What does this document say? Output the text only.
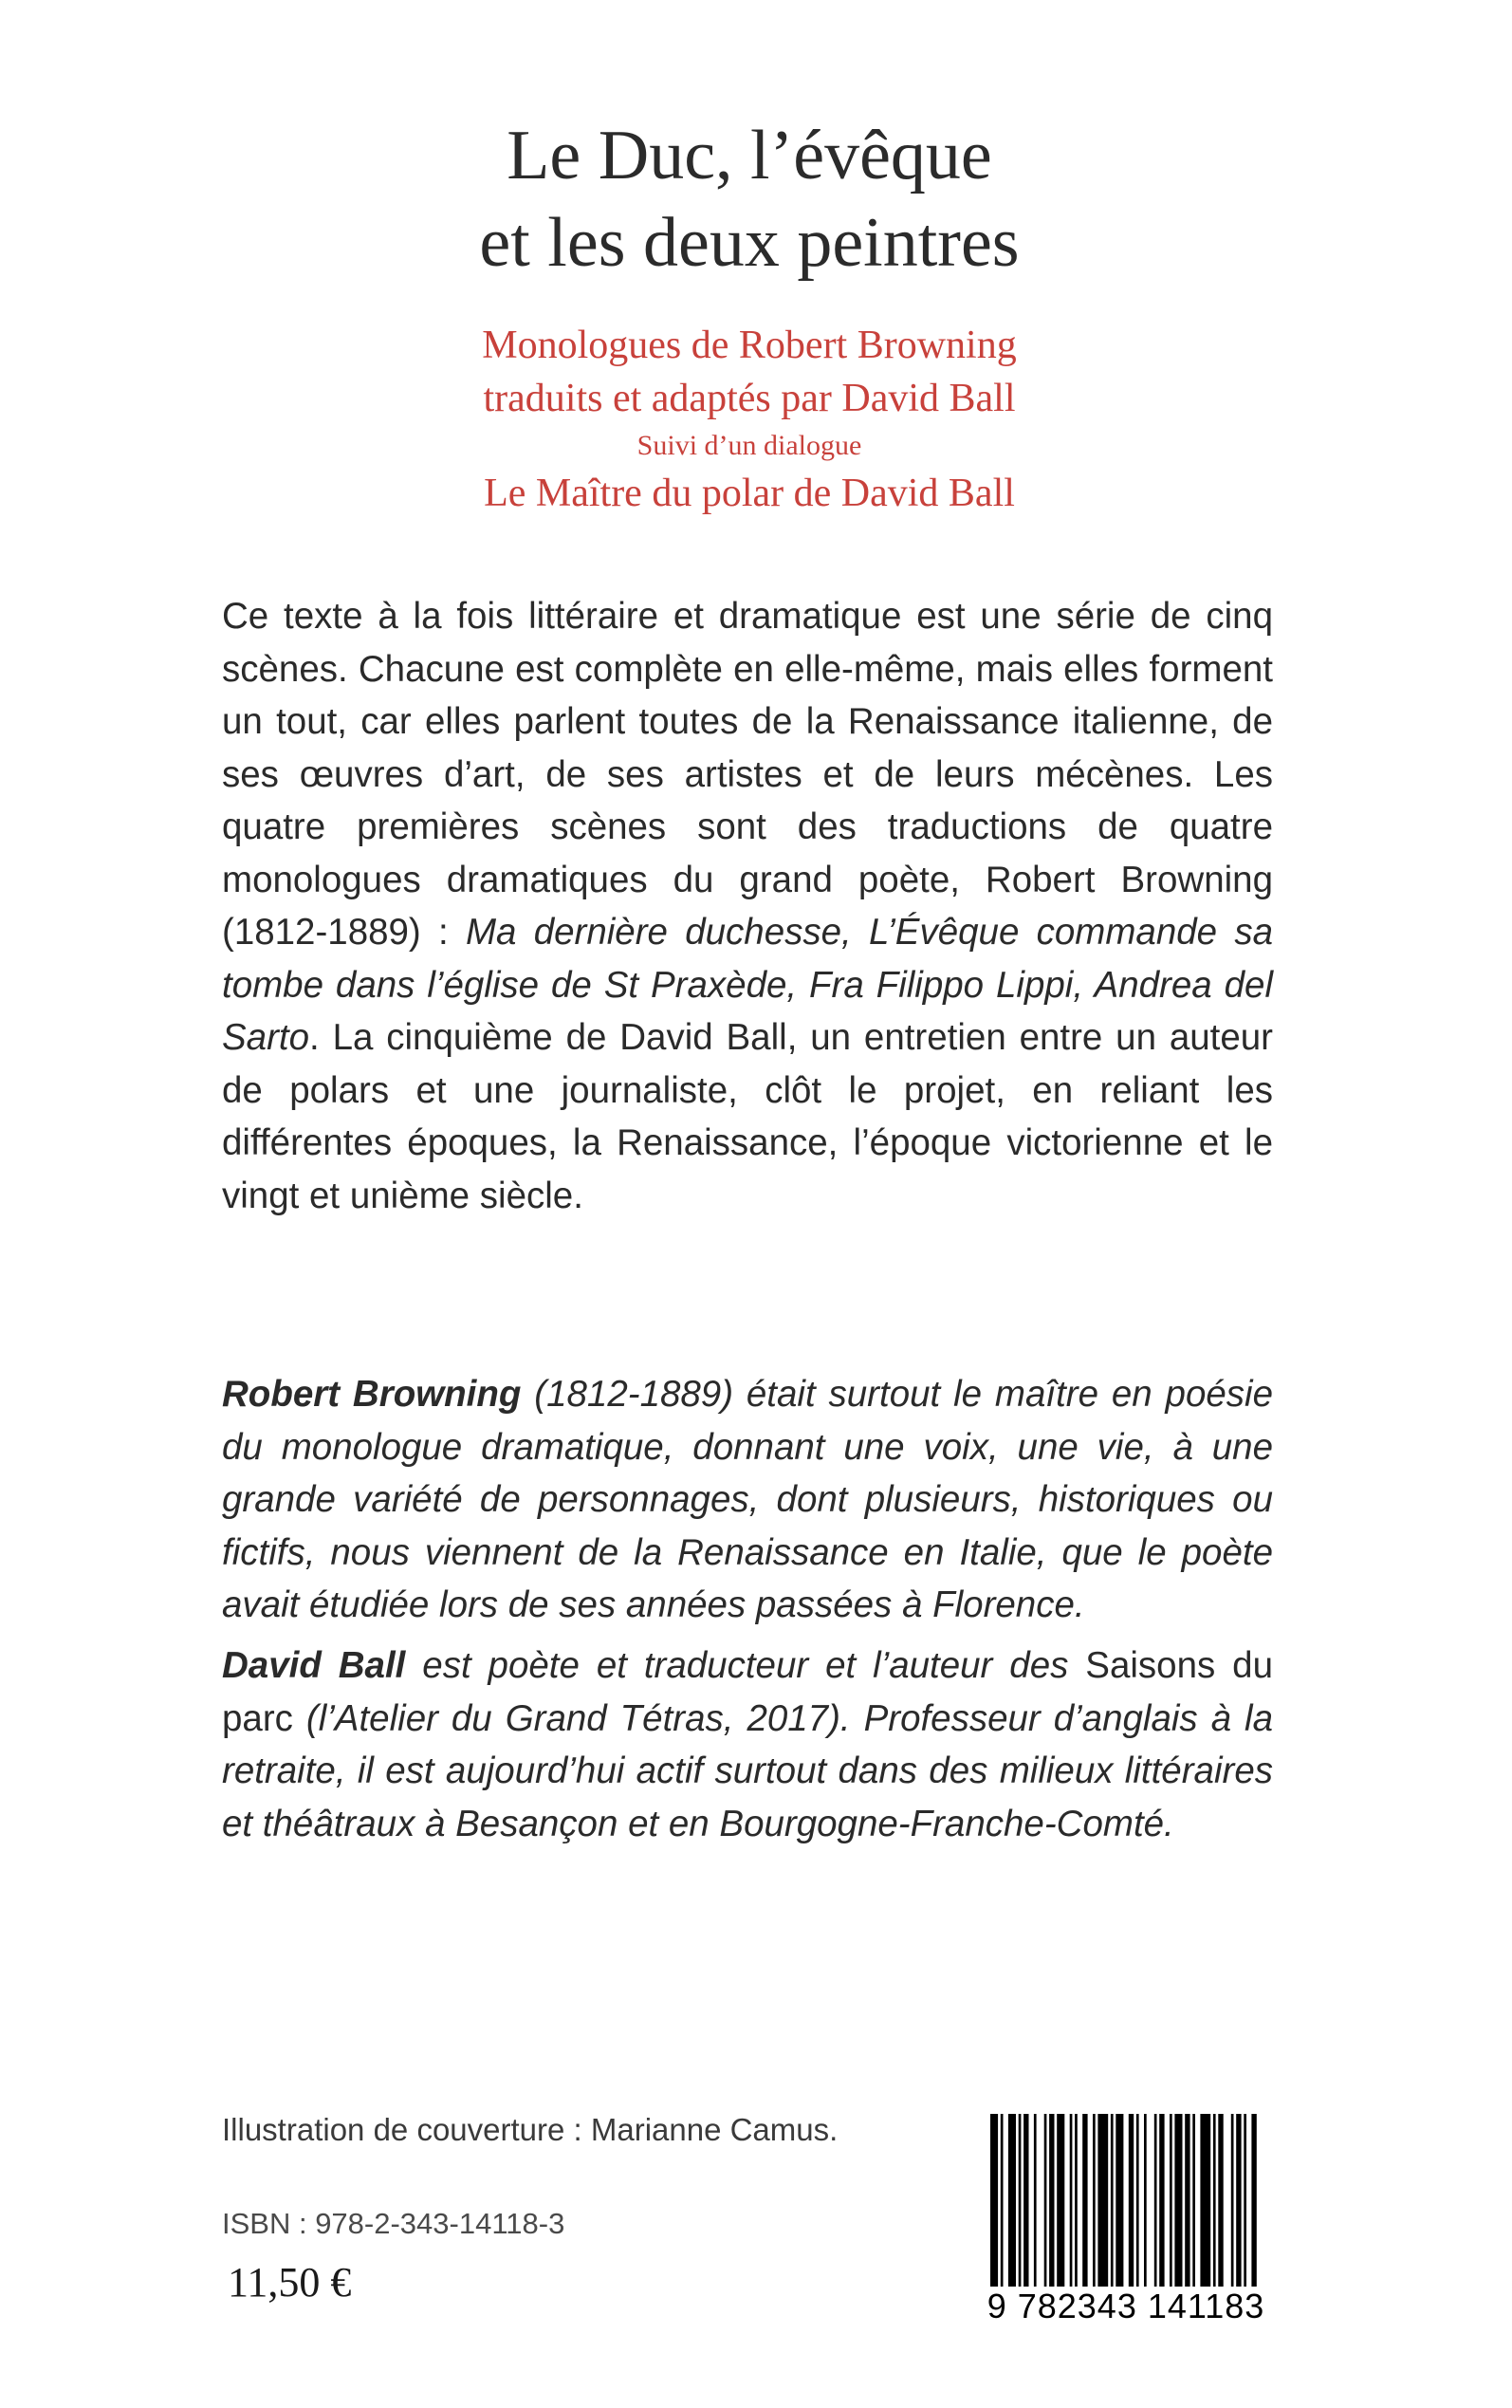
Le Duc, l’évêque
et les deux peintres
Monologues de Robert Browning
traduits et adaptés par David Ball
Suivi d’un dialogue
Le Maître du polar de David Ball

Ce texte à la fois littéraire et dramatique est une série de cinq scènes. Chacune est complète en elle-même, mais elles forment un tout, car elles parlent toutes de la Renaissance italienne, de ses œuvres d’art, de ses artistes et de leurs mécènes. Les quatre premières scènes sont des traductions de quatre monologues dramatiques du grand poète, Robert Browning (1812-1889) : Ma dernière duchesse, L’Évêque commande sa tombe dans l’église de St Praxède, Fra Filippo Lippi, Andrea del Sarto. La cinquième de David Ball, un entretien entre un auteur de polars et une journaliste, clôt le projet, en reliant les différentes époques, la Renaissance, l’époque victorienne et le vingt et unième siècle.

Robert Browning (1812-1889) était surtout le maître en poésie du monologue dramatique, donnant une voix, une vie, à une grande variété de personnages, dont plusieurs, historiques ou fictifs, nous viennent de la Renaissance en Italie, que le poète avait étudiée lors de ses années passées à Florence.

David Ball est poète et traducteur et l’auteur des Saisons du parc (l’Atelier du Grand Tétras, 2017). Professeur d’anglais à la retraite, il est aujourd’hui actif surtout dans des milieux littéraires et théâtraux à Besançon et en Bourgogne-Franche-Comté.

Illustration de couverture : Marianne Camus.
ISBN : 978-2-343-14118-3
11,50 €
9 782343 141183
